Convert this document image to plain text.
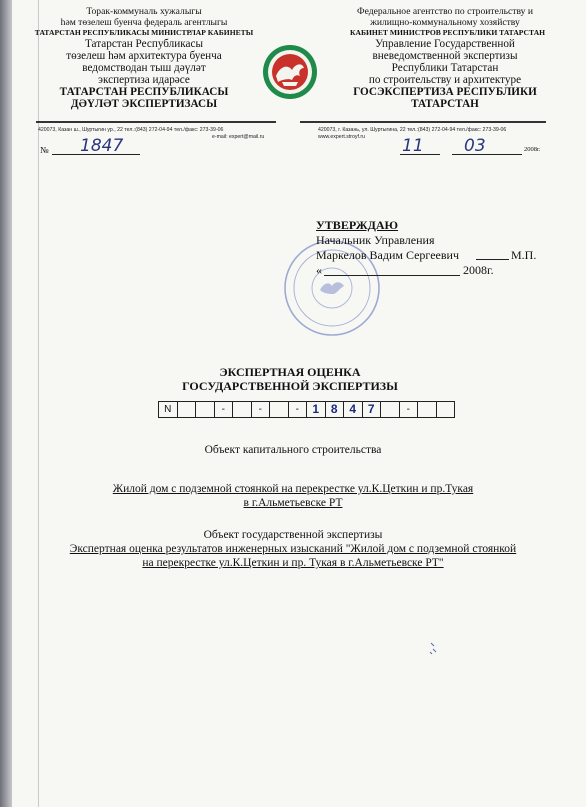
Торак-коммуналь хужалыгы
hәм төзелеш буенча федераль агентлыгы
ТАТАРСТАН РЕСПУБЛИКАСЫ МИНИСТРЛАР КАБИНЕТЫ
Татарстан Республикасы
төзелеш hәм архитектура буенча
ведомстводан тыш дәүләт
экспертиза идарәсе
ТАТАРСТАН РЕСПУБЛИКАСЫ
ДӘҮЛӘТ ЭКСПЕРТИЗАСЫ
Федеральное агентство по строительству и
жилищно-коммунальному хозяйству
КАБИНЕТ МИНИСТРОВ РЕСПУБЛИКИ ТАТАРСТАН
Управление Государственной
вневедомственной экспертизы
Республики Татарстан
по строительству и архитектуре
ГОСЭКСПЕРТИЗА РЕСПУБЛИКИ
ТАТАРСТАН
420073, Казан ш., Шуртыгин ур., 22 тел.:(843) 272-04-94 тел./факс: 273-39-06
e-mail: expert@mail.ru
420073, г. Казань, ул. Шуртыгина, 22 тел.:(843) 272-04-94 тел./факс: 273-39-06
www.expert.stroyf.ru
№ 1847	11 03	2008г.
УТВЕРЖДАЮ
Начальник Управления
Маркелов Вадим Сергеевич	М.П.
«	2008г.
ЭКСПЕРТНАЯ ОЦЕНКА
ГОСУДАРСТВЕННОЙ ЭКСПЕРТИЗЫ
N	-	-	-	1 8 4 7	-
Объект капитального строительства
Жилой дом с подземной стоянкой на перекрестке ул.К.Цеткин и пр.Тукая
в г.Альметьевске РТ
Объект государственной экспертизы
Экспертная оценка результатов инженерных изысканий "Жилой дом с подземной стоянкой
на перекрестке ул.К.Цеткин и пр. Тукая в г.Альметьевске РТ"
